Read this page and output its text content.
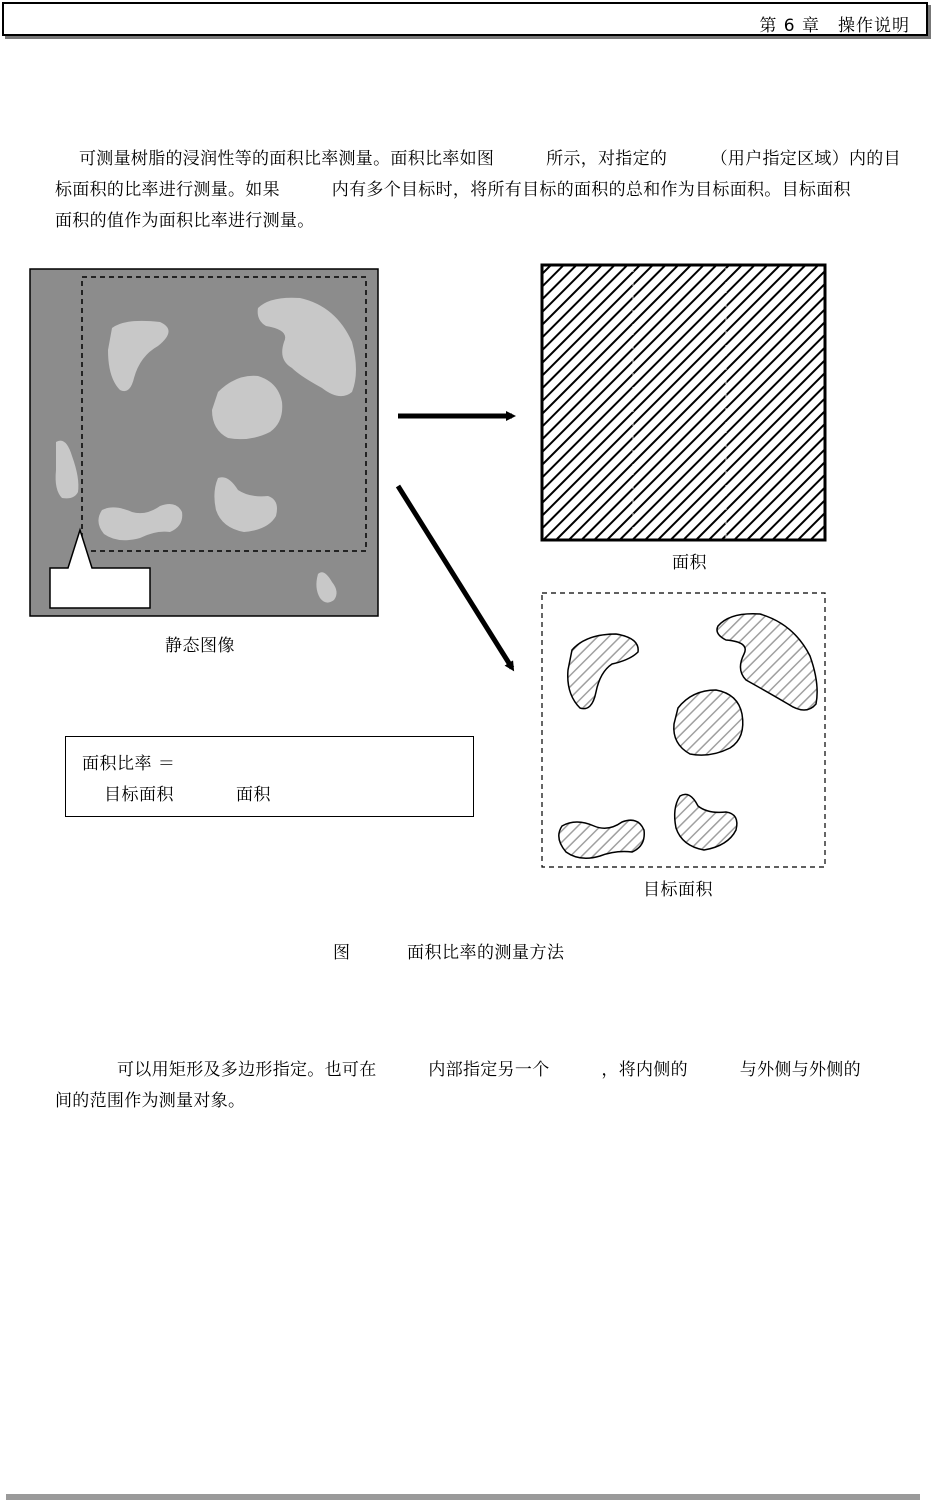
第 6 章　操作说明
可测量树脂的浸润性等的面积比率测量。面积比率如图　　　所示，对指定的　　　（用户指定区域）内的目标面积的比率进行测量。如果　　　内有多个目标时，将所有目标的面积的总和作为目标面积。目标面积　　　面积的值作为面积比率进行测量。
静态图像
面积
目标面积
面积比率 ＝
目标面积	面积
图	面积比率的测量方法
可以用矩形及多边形指定。也可在　　　内部指定另一个　　　，将内侧的　　　与外侧与外侧的　　　间的范围作为测量对象。
